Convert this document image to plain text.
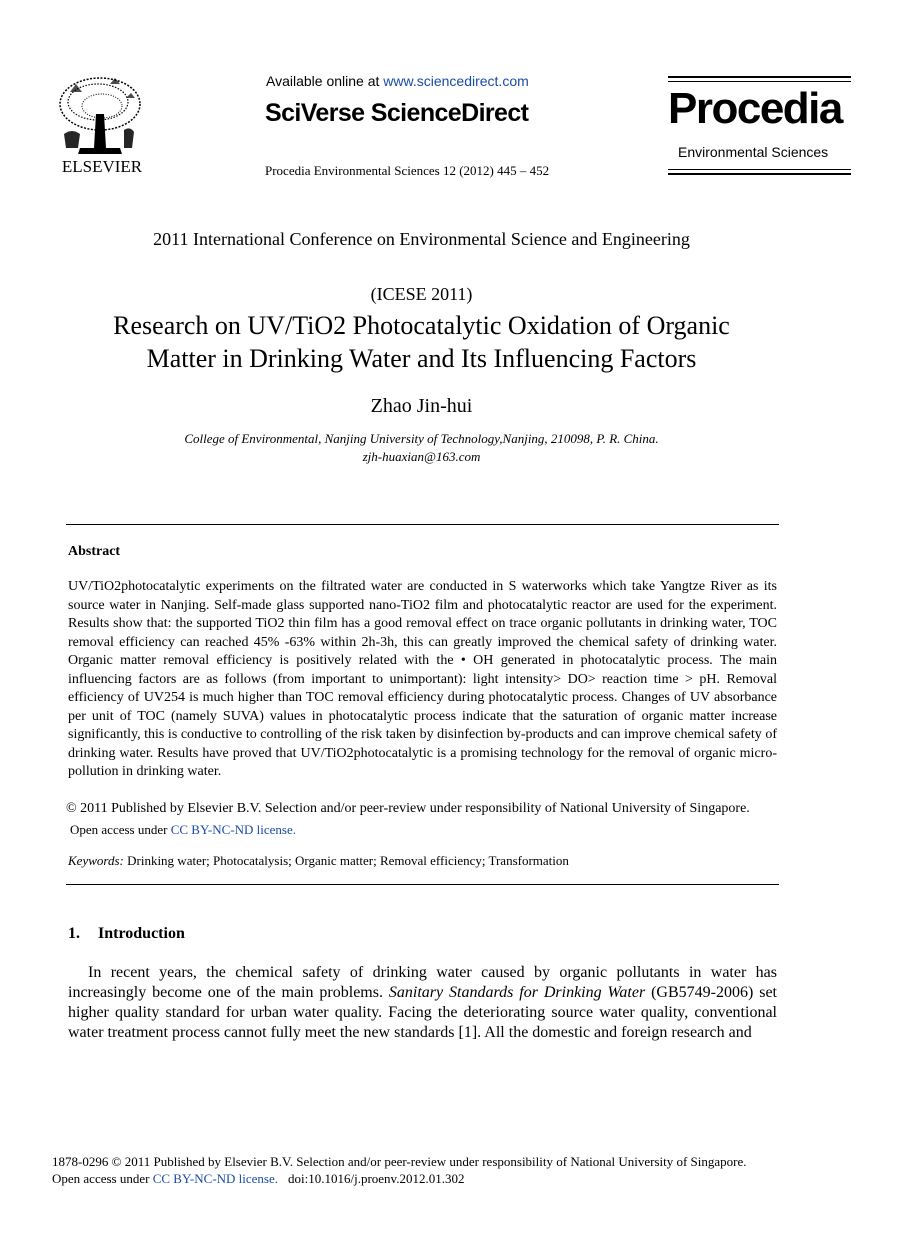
ELSEVIER
Available online at www.sciencedirect.com
SciVerse ScienceDirect
Procedia Environmental Sciences 12 (2012) 445 – 452
Procedia
Environmental Sciences
2011 International Conference on Environmental Science and Engineering
(ICESE 2011)
Research on UV/TiO2 Photocatalytic Oxidation of Organic
Matter in Drinking Water and Its Influencing Factors
Zhao Jin-hui
College of Environmental, Nanjing University of Technology,Nanjing, 210098, P. R. China.
zjh-huaxian@163.com
Abstract
UV/TiO2photocatalytic experiments on the filtrated water are conducted in S waterworks which take Yangtze River as its source water in Nanjing. Self-made glass supported nano-TiO2 film and photocatalytic reactor are used for the experiment. Results show that: the supported TiO2 thin film has a good removal effect on trace organic pollutants in drinking water, TOC removal efficiency can reached 45% -63% within 2h-3h, this can greatly improved the chemical safety of drinking water. Organic matter removal efficiency is positively related with the • OH generated in photocatalytic process. The main influencing factors are as follows (from important to unimportant): light intensity> DO> reaction time > pH. Removal efficiency of UV254 is much higher than TOC removal efficiency during photocatalytic process. Changes of UV absorbance per unit of TOC (namely SUVA) values in photocatalytic process indicate that the saturation of organic matter increase significantly, this is conductive to controlling of the risk taken by disinfection by-products and can improve chemical safety of drinking water. Results have proved that UV/TiO2photocatalytic is a promising technology for the removal of organic micro-pollution in drinking water.
© 2011 Published by Elsevier B.V. Selection and/or peer-review under responsibility of National University of Singapore.
Open access under CC BY-NC-ND license.
Keywords: Drinking water; Photocatalysis; Organic matter; Removal efficiency; Transformation
1. Introduction
In recent years, the chemical safety of drinking water caused by organic pollutants in water has increasingly become one of the main problems. Sanitary Standards for Drinking Water (GB5749-2006) set higher quality standard for urban water quality. Facing the deteriorating source water quality, conventional water treatment process cannot fully meet the new standards [1]. All the domestic and foreign research and
1878-0296 © 2011 Published by Elsevier B.V. Selection and/or peer-review under responsibility of National University of Singapore.
Open access under CC BY-NC-ND license. doi:10.1016/j.proenv.2012.01.302
